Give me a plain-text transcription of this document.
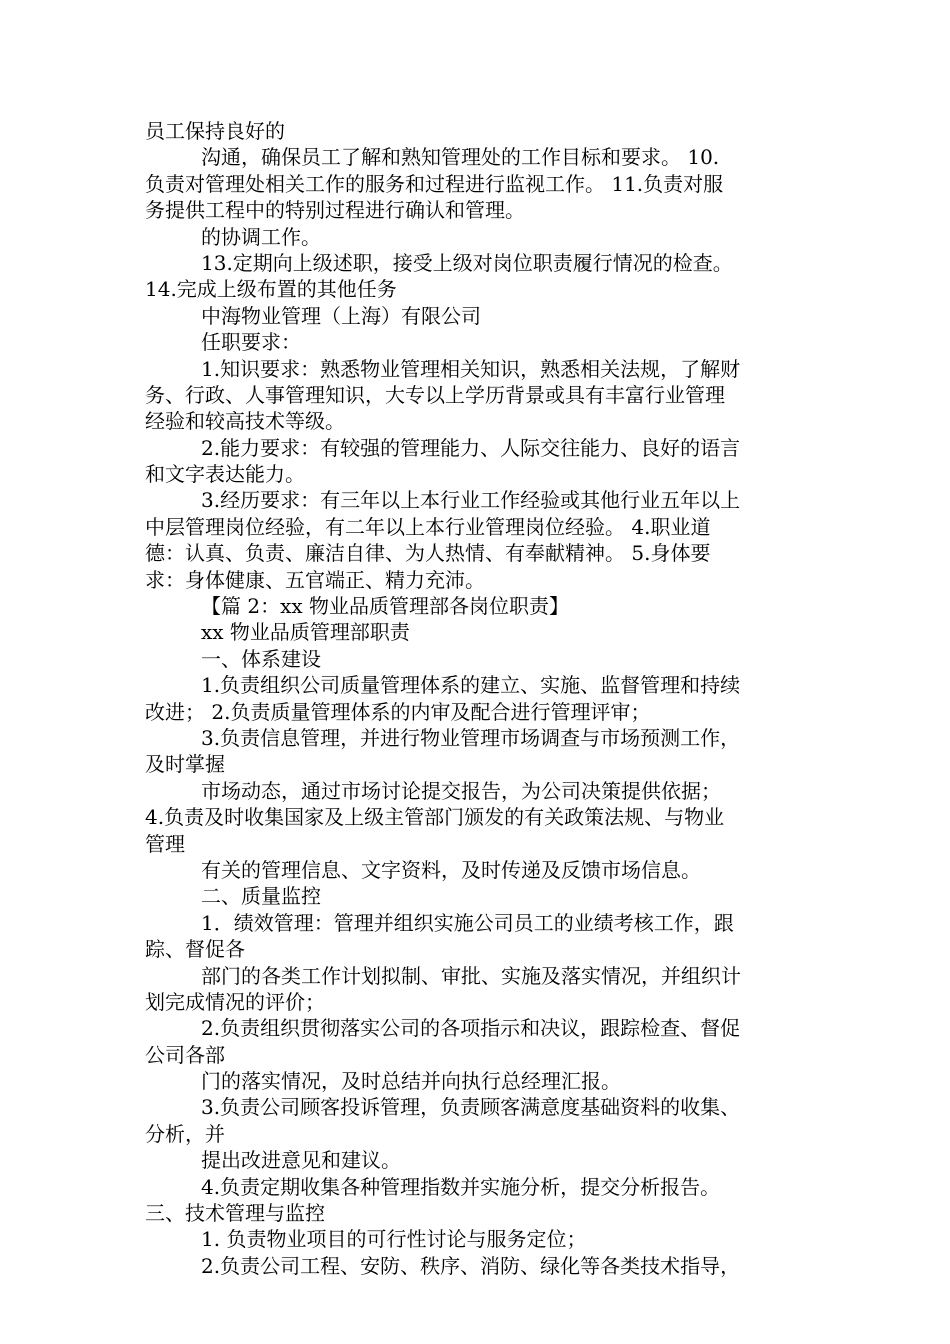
员工保持良好的
沟通，确保员工了解和熟知管理处的工作目标和要求。 10.
负责对管理处相关工作的服务和过程进行监视工作。 11.负责对服
务提供工程中的特别过程进行确认和管理。
的协调工作。
13.定期向上级述职，接受上级对岗位职责履行情况的检查。
14.完成上级布置的其他任务
中海物业管理（上海）有限公司
任职要求：
1.知识要求：熟悉物业管理相关知识，熟悉相关法规，了解财
务、行政、人事管理知识，大专以上学历背景或具有丰富行业管理
经验和较高技术等级。
2.能力要求：有较强的管理能力、人际交往能力、良好的语言
和文字表达能力。
3.经历要求：有三年以上本行业工作经验或其他行业五年以上
中层管理岗位经验，有二年以上本行业管理岗位经验。 4.职业道
德：认真、负责、廉洁自律、为人热情、有奉献精神。 5.身体要
求：身体健康、五官端正、精力充沛。
【篇 2：xx 物业品质管理部各岗位职责】
xx 物业品质管理部职责
一、体系建设
1.负责组织公司质量管理体系的建立、实施、监督管理和持续
改进； 2.负责质量管理体系的内审及配合进行管理评审；
3.负责信息管理，并进行物业管理市场调查与市场预测工作，
及时掌握
市场动态，通过市场讨论提交报告，为公司决策提供依据；
4.负责及时收集国家及上级主管部门颁发的有关政策法规、与物业
管理
有关的管理信息、文字资料，及时传递及反馈市场信息。
二、质量监控
1．绩效管理：管理并组织实施公司员工的业绩考核工作，跟
踪、督促各
部门的各类工作计划拟制、审批、实施及落实情况，并组织计
划完成情况的评价；
2.负责组织贯彻落实公司的各项指示和决议，跟踪检查、督促
公司各部
门的落实情况，及时总结并向执行总经理汇报。
3.负责公司顾客投诉管理，负责顾客满意度基础资料的收集、
分析，并
提出改进意见和建议。
4.负责定期收集各种管理指数并实施分析，提交分析报告。
三、技术管理与监控
1. 负责物业项目的可行性讨论与服务定位；
2.负责公司工程、安防、秩序、消防、绿化等各类技术指导，
